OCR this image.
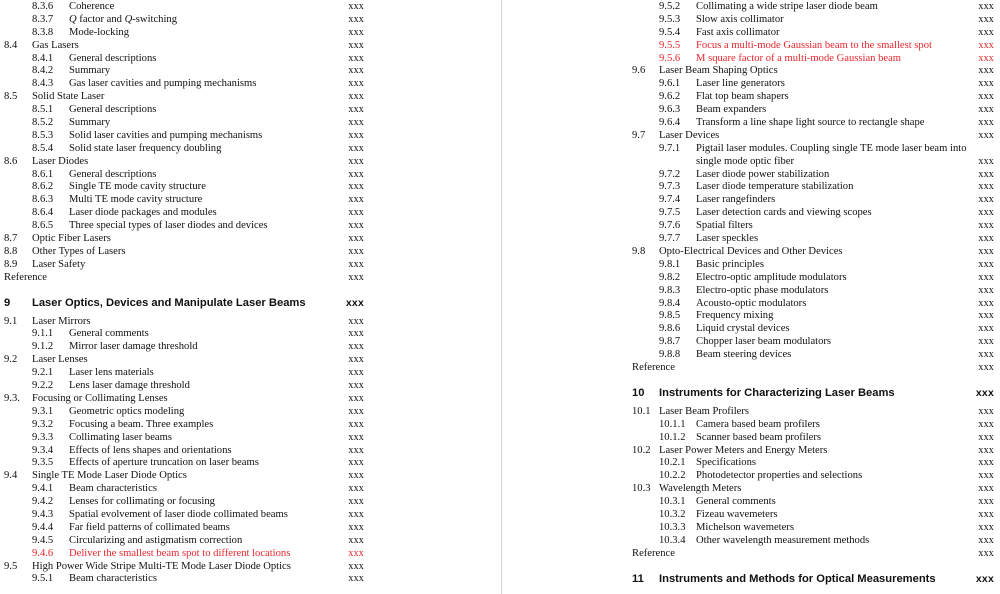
8.3.6 Coherence	xxx
8.3.7 Q factor and Q-switching	xxx
8.3.8 Mode-locking	xxx
8.4 Gas Lasers	xxx
8.4.1 General descriptions	xxx
8.4.2 Summary	xxx
8.4.3 Gas laser cavities and pumping mechanisms	xxx
8.5 Solid State Laser	xxx
8.5.1 General descriptions	xxx
8.5.2 Summary	xxx
8.5.3 Solid laser cavities and pumping mechanisms	xxx
8.5.4 Solid state laser frequency doubling	xxx
8.6 Laser Diodes	xxx
8.6.1 General descriptions	xxx
8.6.2 Single TE mode cavity structure	xxx
8.6.3 Multi TE mode cavity structure	xxx
8.6.4 Laser diode packages and modules	xxx
8.6.5 Three special types of laser diodes and devices	xxx
8.7 Optic Fiber Lasers	xxx
8.8 Other Types of Lasers	xxx
8.9 Laser Safety	xxx
Reference	xxx
9 Laser Optics, Devices and Manipulate Laser Beams	xxx
9.1 Laser Mirrors	xxx
9.1.1 General comments	xxx
9.1.2 Mirror laser damage threshold	xxx
9.2 Laser Lenses	xxx
9.2.1 Laser lens materials	xxx
9.2.2 Lens laser damage threshold	xxx
9.3. Focusing or Collimating Lenses	xxx
9.3.1 Geometric optics modeling	xxx
9.3.2 Focusing a beam. Three examples	xxx
9.3.3 Collimating laser beams	xxx
9.3.4 Effects of lens shapes and orientations	xxx
9.3.5 Effects of aperture truncation on laser beams	xxx
9.4 Single TE Mode Laser Diode Optics	xxx
9.4.1 Beam characteristics	xxx
9.4.2 Lenses for collimating or focusing	xxx
9.4.3 Spatial evolvement of laser diode collimated beams	xxx
9.4.4 Far field patterns of collimated beams	xxx
9.4.5 Circularizing and astigmatism correction	xxx
9.4.6 Deliver the smallest beam spot to different locations	xxx
9.5 High Power Wide Stripe Multi-TE Mode Laser Diode Optics	xxx
9.5.1 Beam characteristics	xxx
9.5.2 Collimating a wide stripe laser diode beam	xxx
9.5.3 Slow axis collimator	xxx
9.5.4 Fast axis collimator	xxx
9.5.5 Focus a multi-mode Gaussian beam to the smallest spot	xxx
9.5.6 M square factor of a multi-mode Gaussian beam	xxx
9.6 Laser Beam Shaping Optics	xxx
9.6.1 Laser line generators	xxx
9.6.2 Flat top beam shapers	xxx
9.6.3 Beam expanders	xxx
9.6.4 Transform a line shape light source to rectangle shape	xxx
9.7 Laser Devices	xxx
9.7.1 Pigtail laser modules. Coupling single TE mode laser beam into single mode optic fiber	xxx
9.7.2 Laser diode power stabilization	xxx
9.7.3 Laser diode temperature stabilization	xxx
9.7.4 Laser rangefinders	xxx
9.7.5 Laser detection cards and viewing scopes	xxx
9.7.6 Spatial filters	xxx
9.7.7 Laser speckles	xxx
9.8 Opto-Electrical Devices and Other Devices	xxx
9.8.1 Basic principles	xxx
9.8.2 Electro-optic amplitude modulators	xxx
9.8.3 Electro-optic phase modulators	xxx
9.8.4 Acousto-optic modulators	xxx
9.8.5 Frequency mixing	xxx
9.8.6 Liquid crystal devices	xxx
9.8.7 Chopper laser beam modulators	xxx
9.8.8 Beam steering devices	xxx
Reference	xxx
10 Instruments for Characterizing Laser Beams	xxx
10.1 Laser Beam Profilers	xxx
10.1.1 Camera based beam profilers	xxx
10.1.2 Scanner based beam profilers	xxx
10.2 Laser Power Meters and Energy Meters	xxx
10.2.1 Specifications	xxx
10.2.2 Photodetector properties and selections	xxx
10.3 Wavelength Meters	xxx
10.3.1 General comments	xxx
10.3.2 Fizeau wavemeters	xxx
10.3.3 Michelson wavemeters	xxx
10.3.4 Other wavelength measurement methods	xxx
Reference	xxx
11 Instruments and Methods for Optical Measurements	xxx
